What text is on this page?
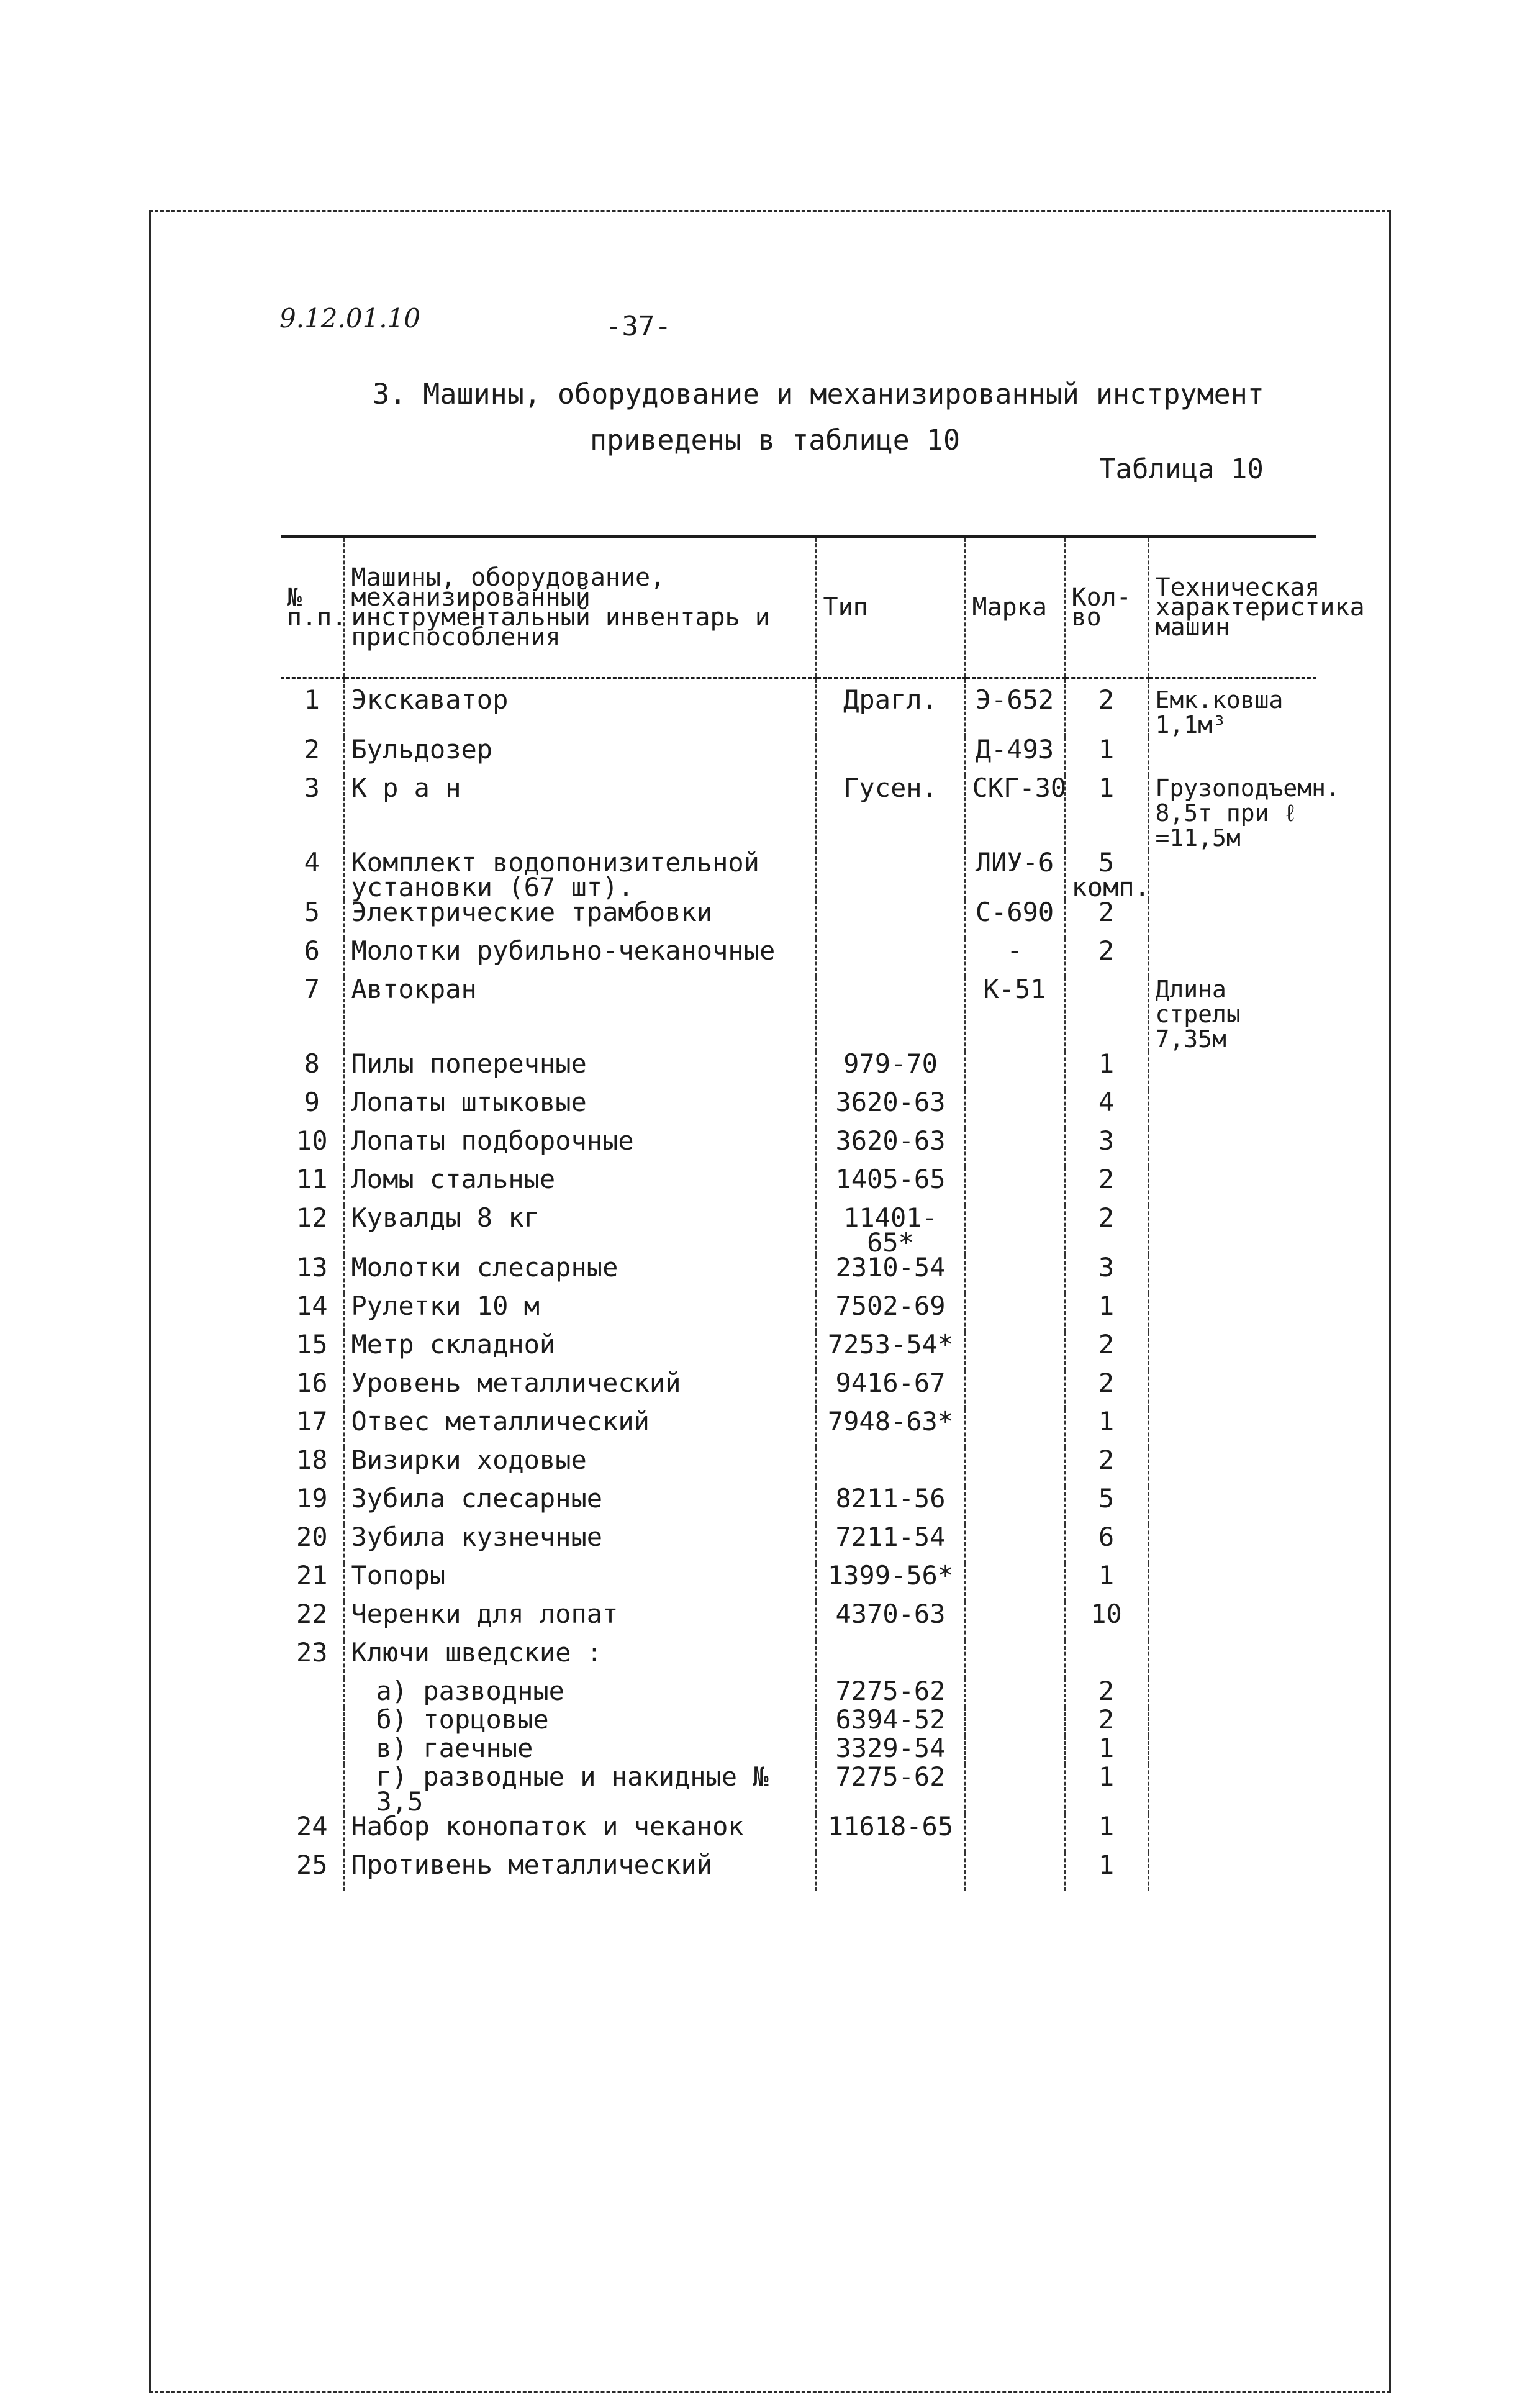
9.12.01.10	-37-
3. Машины, оборудование и механизированный инструмент
приведены в таблице 10
Таблица 10
№ п.п.	Машины, оборудование, механизированный инструментальный инвентарь и приспособления	Тип	Марка	Кол-во	Техническая характеристика машин
1	Экскаватор	Драгл.	Э-652	2	Емк.ковша 1,1м³
2	Бульдозер		Д-493	1	
3	К р а н	Гусен.	СКГ-30	1	Грузоподъемн. 8,5т при ℓ =11,5м
4	Комплект водопонизительной установки (67 шт).		ЛИУ-6	5 комп.	
5	Электрические трамбовки		С-690	2	
6	Молотки рубильно-чеканочные		-	2	
7	Автокран		К-51		Длина стрелы 7,35м
8	Пилы поперечные	979-70		1	
9	Лопаты штыковые	3620-63		4	
10	Лопаты подборочные	3620-63		3	
11	Ломы стальные	1405-65		2	
12	Кувалды 8 кг	11401-65*		2	
13	Молотки слесарные	2310-54		3	
14	Рулетки 10 м	7502-69		1	
15	Метр складной	7253-54*		2	
16	Уровень металлический	9416-67		2	
17	Отвес металлический	7948-63*		1	
18	Визирки ходовые			2	
19	Зубила слесарные	8211-56		5	
20	Зубила кузнечные	7211-54		6	
21	Топоры	1399-56*		1	
22	Черенки для лопат	4370-63		10	
23	Ключи шведские :				

	а) разводные	7275-62		2	

	б) торцовые	6394-52		2	

	в) гаечные	3329-54		1	

	г) разводные и накидные № 3,5	7275-62		1	
24	Набор конопаток и чеканок	11618-65		1	
25	Противень металлический			1	
